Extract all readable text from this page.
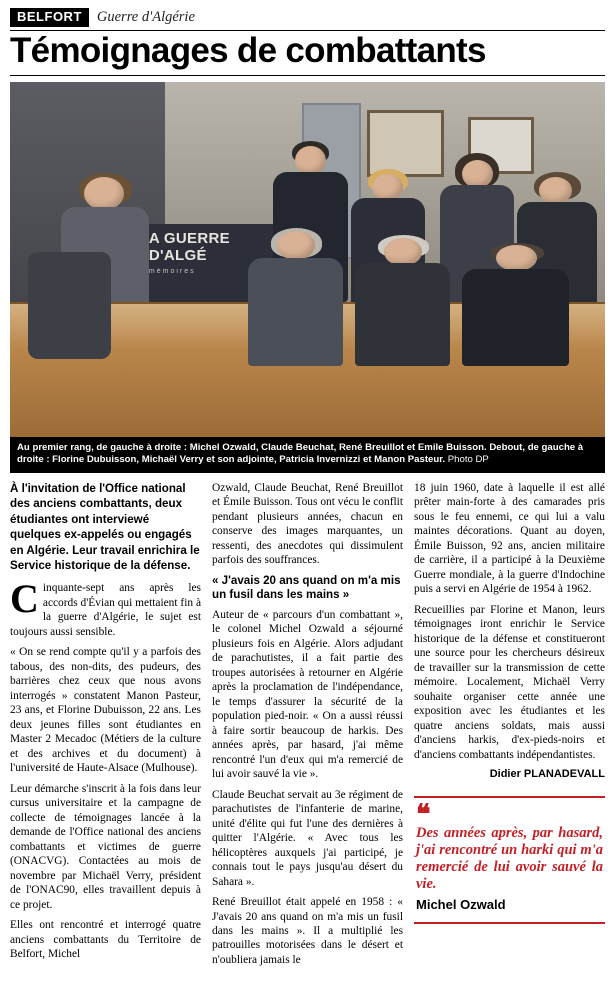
BELFORT	Guerre d'Algérie
Témoignages de combattants
A GUERRE
D'ALGÉ
mémoires
Au premier rang, de gauche à droite : Michel Ozwald, Claude Beuchat, René Breuillot et Emile Buisson. Debout, de gauche à droite : Florine Dubuisson, Michaël Verry et son adjointe, Patricia Invernizzi et Manon Pasteur. Photo DP
À l'invitation de l'Office national des anciens combattants, deux étudiantes ont interviewé quelques ex-appelés ou engagés en Algérie. Leur travail enrichira le Service historique de la défense.

Cinquante-sept ans après les accords d'Évian qui mettaient fin à la guerre d'Algérie, le sujet est toujours aussi sensible.

« On se rend compte qu'il y a parfois des tabous, des non-dits, des pudeurs, des barrières chez ceux que nous avons interrogés » constatent Manon Pasteur, 23 ans, et Florine Dubuisson, 22 ans. Les deux jeunes filles sont étudiantes en Master 2 Mecadoc (Métiers de la culture et des archives et du document) à l'université de Haute-Alsace (Mulhouse).

Leur démarche s'inscrit à la fois dans leur cursus universitaire et la campagne de collecte de témoignages lancée à la demande de l'Office national des anciens combattants et victimes de guerre (ONACVG). Contactées au mois de novembre par Michaël Verry, président de l'ONAC90, elles travaillent depuis à ce projet.

Elles ont rencontré et interrogé quatre anciens combattants du Territoire de Belfort, Michel

Ozwald, Claude Beuchat, René Breuillot et Émile Buisson. Tous ont vécu le conflit pendant plusieurs années, chacun en conserve des images marquantes, un ressenti, des anecdotes qui dissimulent parfois des souffrances.

« J'avais 20 ans quand on m'a mis un fusil dans les mains »

Auteur de « parcours d'un combattant », le colonel Michel Ozwald a séjourné plusieurs fois en Algérie. Alors adjudant de parachutistes, il a fait partie des troupes autorisées à retourner en Algérie après la proclamation de l'indépendance, le temps d'assurer la sécurité de la population pied-noir. « On a aussi réussi à faire sortir beaucoup de harkis. Des années après, par hasard, j'ai même rencontré l'un d'eux qui m'a remercié de lui avoir sauvé la vie ».

Claude Beuchat servait au 3e régiment de parachutistes de l'infanterie de marine, unité d'élite qui fut l'une des dernières à quitter l'Algérie. « Avec tous les hélicoptères auxquels j'ai participé, je connais tout le pays jusqu'au désert du Sahara ».

René Breuillot était appelé en 1958 : « J'avais 20 ans quand on m'a mis un fusil dans les mains ». Il a multiplié les patrouilles motorisées dans le désert et n'oubliera jamais le

18 juin 1960, date à laquelle il est allé prêter main-forte à des camarades pris sous le feu ennemi, ce qui lui a valu maintes décorations. Quant au doyen, Émile Buisson, 92 ans, ancien militaire de carrière, il a participé à la Deuxième Guerre mondiale, à la guerre d'Indochine puis a servi en Algérie de 1954 à 1962.

Recueillies par Florine et Manon, leurs témoignages iront enrichir le Service historique de la défense et constitueront une source pour les chercheurs désireux de travailler sur la transmission de cette mémoire. Localement, Michaël Verry souhaite organiser cette année une exposition avec les étudiantes et les quatre anciens soldats, mais aussi d'anciens harkis, d'ex-pieds-noirs et d'anciens combattants indépendantistes.

Didier PLANADEVALL
❝
Des années après, par hasard, j'ai rencontré un harki qui m'a remercié de lui avoir sauvé la vie.
Michel Ozwald
